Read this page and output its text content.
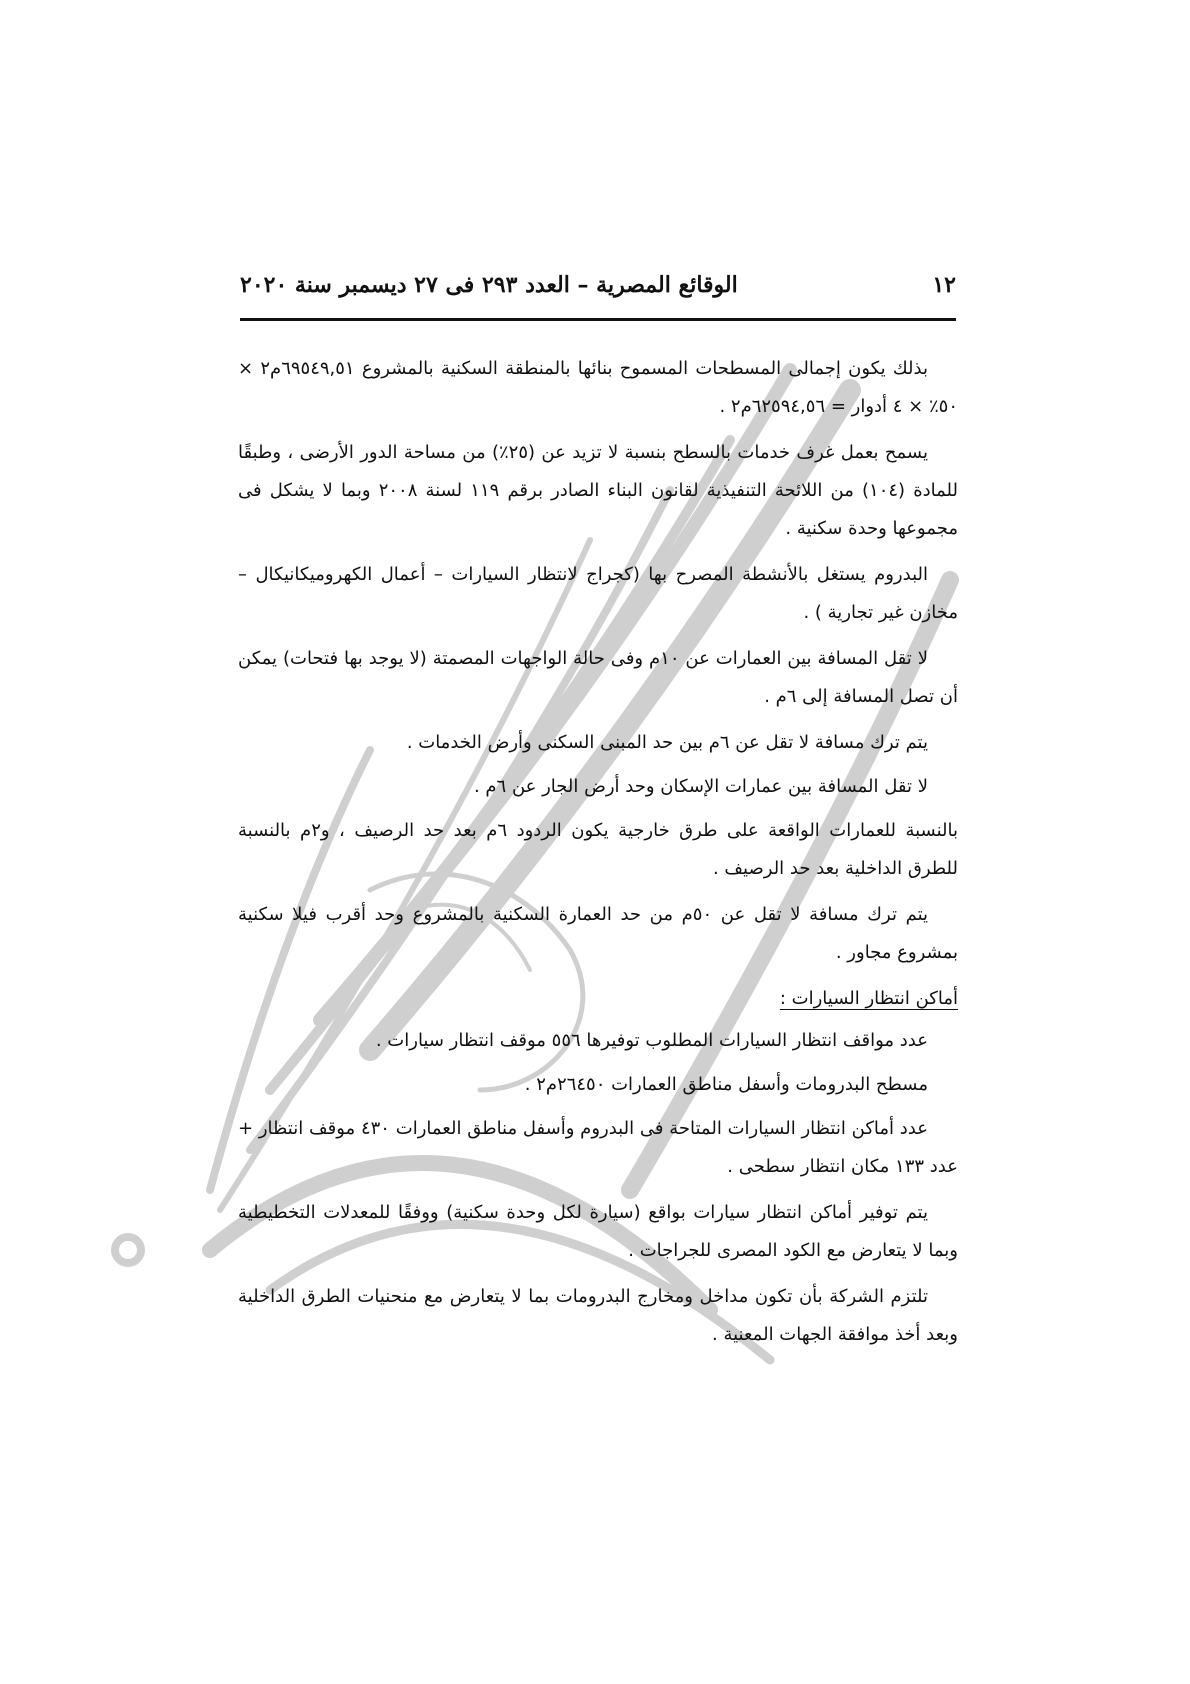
١٢
الوقائع المصرية – العدد ٢٩٣ فى ٢٧ ديسمبر سنة ٢٠٢٠

بذلك يكون إجمالى المسطحات المسموح بنائها بالمنطقة السكنية بالمشروع ٦٩٥٤٩,٥١م٢ × ٥٠٪ × ٤ أدوار = ٦٢٥٩٤,٥٦م٢ .

يسمح بعمل غرف خدمات بالسطح بنسبة لا تزيد عن (٢٥٪) من مساحة الدور الأرضى ، وطبقًا للمادة (١٠٤) من اللائحة التنفيذية لقانون البناء الصادر برقم ١١٩ لسنة ٢٠٠٨ وبما لا يشكل فى مجموعها وحدة سكنية .

البدروم يستغل بالأنشطة المصرح بها (كجراج لانتظار السيارات – أعمال الكهروميكانيكال – مخازن غير تجارية ) .

لا تقل المسافة بين العمارات عن ١٠م وفى حالة الواجهات المصمتة (لا يوجد بها فتحات) يمكن أن تصل المسافة إلى ٦م .

يتم ترك مسافة لا تقل عن ٦م بين حد المبنى السكنى وأرض الخدمات .

لا تقل المسافة بين عمارات الإسكان وحد أرض الجار عن ٦م .

بالنسبة للعمارات الواقعة على طرق خارجية يكون الردود ٦م بعد حد الرصيف ، و٢م بالنسبة للطرق الداخلية بعد حد الرصيف .

يتم ترك مسافة لا تقل عن ٥٠م من حد العمارة السكنية بالمشروع وحد أقرب فيلا سكنية بمشروع مجاور .

أماكن انتظار السيارات :

عدد مواقف انتظار السيارات المطلوب توفيرها ٥٥٦ موقف انتظار سيارات .

مسطح البدرومات وأسفل مناطق العمارات ٢٦٤٥٠م٢ .

عدد أماكن انتظار السيارات المتاحة فى البدروم وأسفل مناطق العمارات ٤٣٠ موقف انتظار + عدد ١٣٣ مكان انتظار سطحى .

يتم توفير أماكن انتظار سيارات بواقع (سيارة لكل وحدة سكنية) ووفقًا للمعدلات التخطيطية وبما لا يتعارض مع الكود المصرى للجراجات .

تلتزم الشركة بأن تكون مداخل ومخارج البدرومات بما لا يتعارض مع منحنيات الطرق الداخلية وبعد أخذ موافقة الجهات المعنية .
